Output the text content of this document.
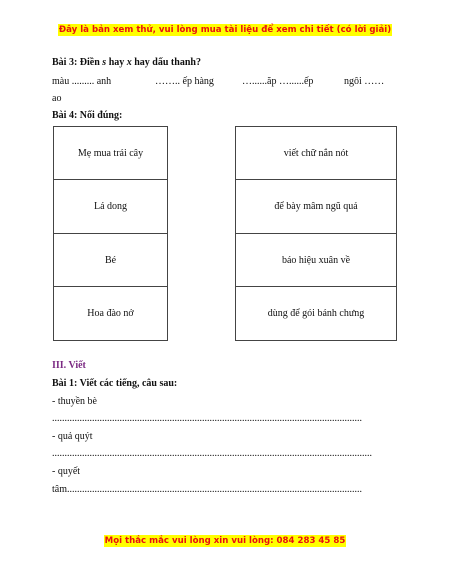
Đây là bản xem thử, vui lòng mua tài liệu để xem chi tiết (có lời giải)
Bài 3: Điền s hay x hay dấu thanh?
màu ......... anh	…….. ếp hàng	…......ăp …......ếp	ngôi ……
ao
Bài 4: Nối đúng:
Mẹ mua trái cây
Lá dong
Bé
Hoa đào nở
viết chữ nắn nót
để bày mâm ngũ quả
báo hiệu xuân về
dùng để gói bánh chưng
III. Viết
Bài 1: Viết các tiếng, câu sau:
- thuyền bè
............................................................................................................................
- quả quýt
................................................................................................................................
- quyết
tâm......................................................................................................................
Mọi thắc mắc vui lòng xin vui lòng: 084 283 45 85
